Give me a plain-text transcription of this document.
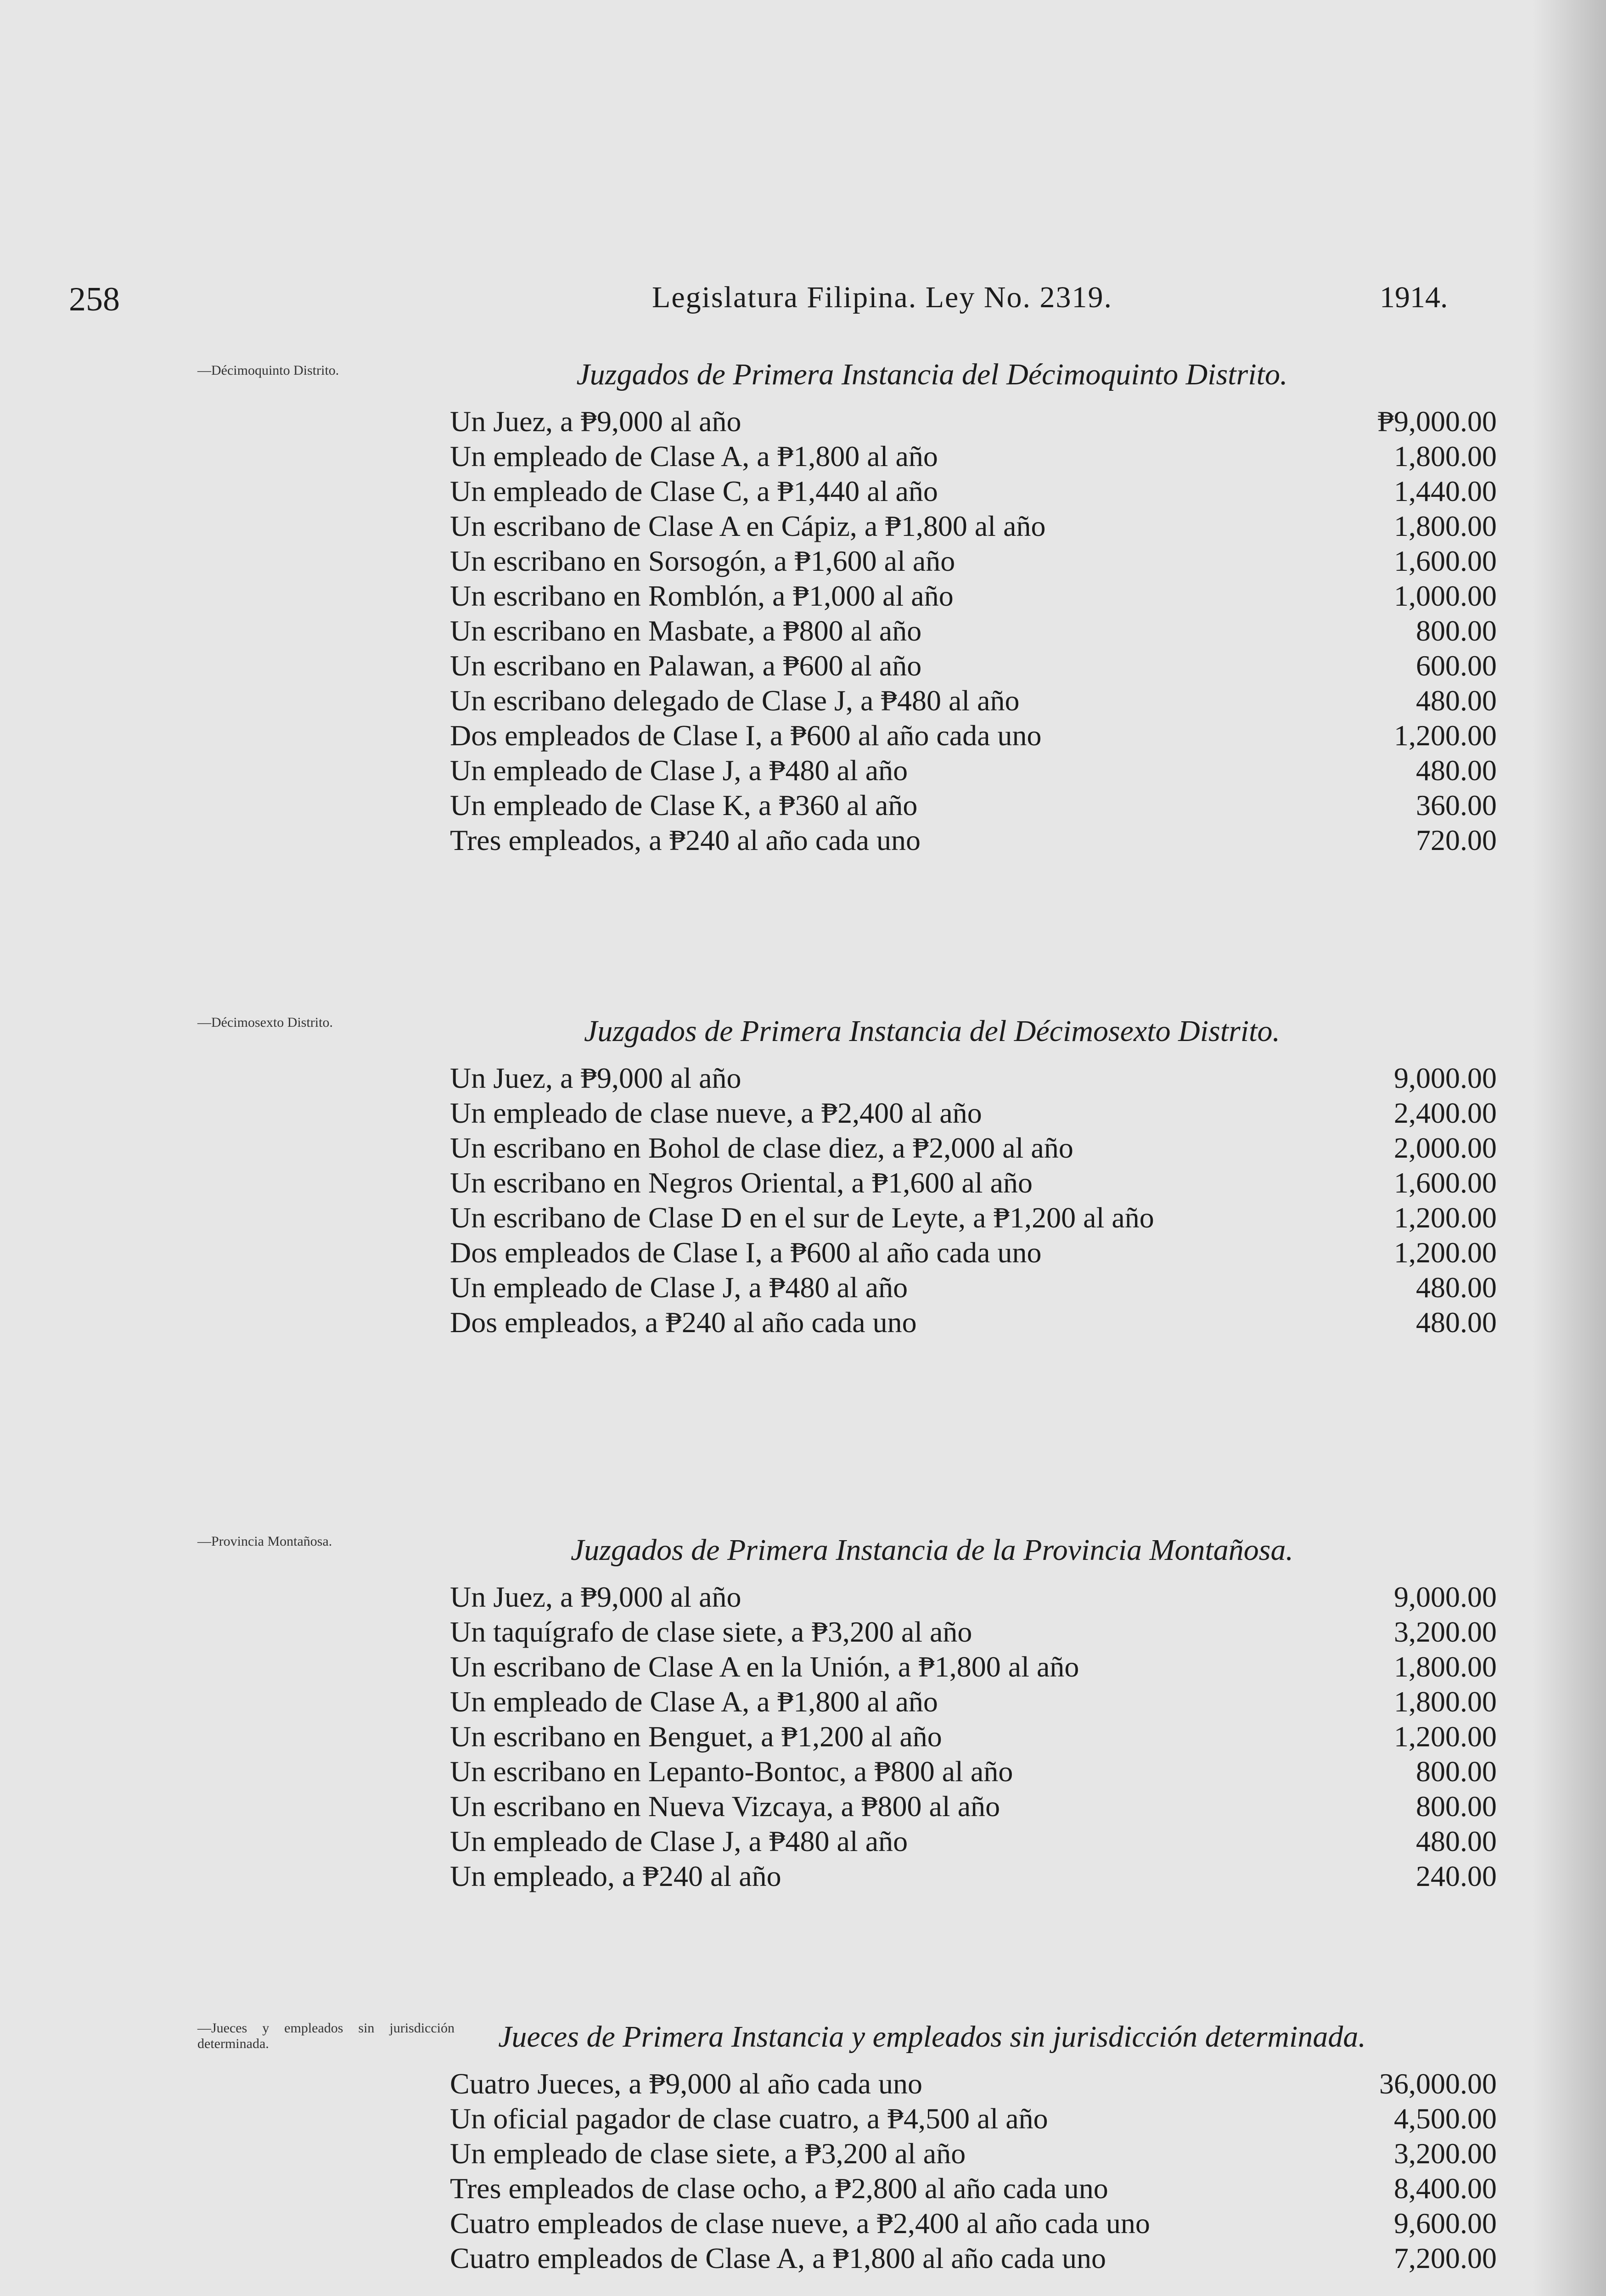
258	Legislatura Filipina. Ley No. 2319.	1914.
—Décimoquinto Distrito.
—Décimosexto Distrito.
—Provincia Montañosa.
—Jueces y empleados sin jurisdicción determinada.
Juzgados de Primera Instancia del Décimoquinto Distrito.
Un Juez, a ₱9,000 al año	₱9,000.00
Un empleado de Clase A, a ₱1,800 al año	1,800.00
Un empleado de Clase C, a ₱1,440 al año	1,440.00
Un escribano de Clase A en Cápiz, a ₱1,800 al año	1,800.00
Un escribano en Sorsogón, a ₱1,600 al año	1,600.00
Un escribano en Romblón, a ₱1,000 al año	1,000.00
Un escribano en Masbate, a ₱800 al año	800.00
Un escribano en Palawan, a ₱600 al año	600.00
Un escribano delegado de Clase J, a ₱480 al año	480.00
Dos empleados de Clase I, a ₱600 al año cada uno	1,200.00
Un empleado de Clase J, a ₱480 al año	480.00
Un empleado de Clase K, a ₱360 al año	360.00
Tres empleados, a ₱240 al año cada uno	720.00
Juzgados de Primera Instancia del Décimosexto Distrito.
Un Juez, a ₱9,000 al año	9,000.00
Un empleado de clase nueve, a ₱2,400 al año	2,400.00
Un escribano en Bohol de clase diez, a ₱2,000 al año	2,000.00
Un escribano en Negros Oriental, a ₱1,600 al año	1,600.00
Un escribano de Clase D en el sur de Leyte, a ₱1,200 al año	1,200.00
Dos empleados de Clase I, a ₱600 al año cada uno	1,200.00
Un empleado de Clase J, a ₱480 al año	480.00
Dos empleados, a ₱240 al año cada uno	480.00
Juzgados de Primera Instancia de la Provincia Montañosa.
Un Juez, a ₱9,000 al año	9,000.00
Un taquígrafo de clase siete, a ₱3,200 al año	3,200.00
Un escribano de Clase A en la Unión, a ₱1,800 al año	1,800.00
Un empleado de Clase A, a ₱1,800 al año	1,800.00
Un escribano en Benguet, a ₱1,200 al año	1,200.00
Un escribano en Lepanto-Bontoc, a ₱800 al año	800.00
Un escribano en Nueva Vizcaya, a ₱800 al año	800.00
Un empleado de Clase J, a ₱480 al año	480.00
Un empleado, a ₱240 al año	240.00
Jueces de Primera Instancia y empleados sin jurisdicción determinada.
Cuatro Jueces, a ₱9,000 al año cada uno	36,000.00
Un oficial pagador de clase cuatro, a ₱4,500 al año	4,500.00
Un empleado de clase siete, a ₱3,200 al año	3,200.00
Tres empleados de clase ocho, a ₱2,800 al año cada uno	8,400.00
Cuatro empleados de clase nueve, a ₱2,400 al año cada uno	9,600.00
Cuatro empleados de Clase A, a ₱1,800 al año cada uno	7,200.00
